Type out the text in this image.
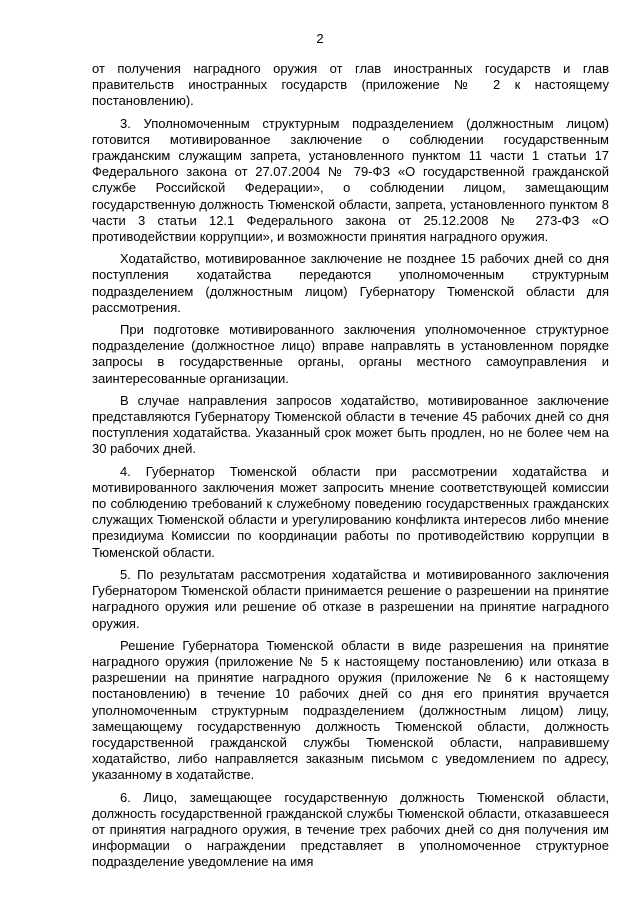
2

от получения наградного оружия от глав иностранных государств и глав правительств иностранных государств (приложение № 2 к настоящему постановлению).

3. Уполномоченным структурным подразделением (должностным лицом) готовится мотивированное заключение о соблюдении государственным гражданским служащим запрета, установленного пунктом 11 части 1 статьи 17 Федерального закона от 27.07.2004 № 79-ФЗ «О государственной гражданской службе Российской Федерации», о соблюдении лицом, замещающим государственную должность Тюменской области, запрета, установленного пунктом 8 части 3 статьи 12.1 Федерального закона от 25.12.2008 № 273-ФЗ «О противодействии коррупции», и возможности принятия наградного оружия.

Ходатайство, мотивированное заключение не позднее 15 рабочих дней со дня поступления ходатайства передаются уполномоченным структурным подразделением (должностным лицом) Губернатору Тюменской области для рассмотрения.

При подготовке мотивированного заключения уполномоченное структурное подразделение (должностное лицо) вправе направлять в установленном порядке запросы в государственные органы, органы местного самоуправления и заинтересованные организации.

В случае направления запросов ходатайство, мотивированное заключение представляются Губернатору Тюменской области в течение 45 рабочих дней со дня поступления ходатайства. Указанный срок может быть продлен, но не более чем на 30 рабочих дней.

4. Губернатор Тюменской области при рассмотрении ходатайства и мотивированного заключения может запросить мнение соответствующей комиссии по соблюдению требований к служебному поведению государственных гражданских служащих Тюменской области и урегулированию конфликта интересов либо мнение президиума Комиссии по координации работы по противодействию коррупции в Тюменской области.

5. По результатам рассмотрения ходатайства и мотивированного заключения Губернатором Тюменской области принимается решение о разрешении на принятие наградного оружия или решение об отказе в разрешении на принятие наградного оружия.

Решение Губернатора Тюменской области в виде разрешения на принятие наградного оружия (приложение № 5 к настоящему постановлению) или отказа в разрешении на принятие наградного оружия (приложение № 6 к настоящему постановлению) в течение 10 рабочих дней со дня его принятия вручается уполномоченным структурным подразделением (должностным лицом) лицу, замещающему государственную должность Тюменской области, должность государственной гражданской службы Тюменской области, направившему ходатайство, либо направляется заказным письмом с уведомлением по адресу, указанному в ходатайстве.

6. Лицо, замещающее государственную должность Тюменской области, должность государственной гражданской службы Тюменской области, отказавшееся от принятия наградного оружия, в течение трех рабочих дней со дня получения им информации о награждении представляет в уполномоченное структурное подразделение уведомление на имя
